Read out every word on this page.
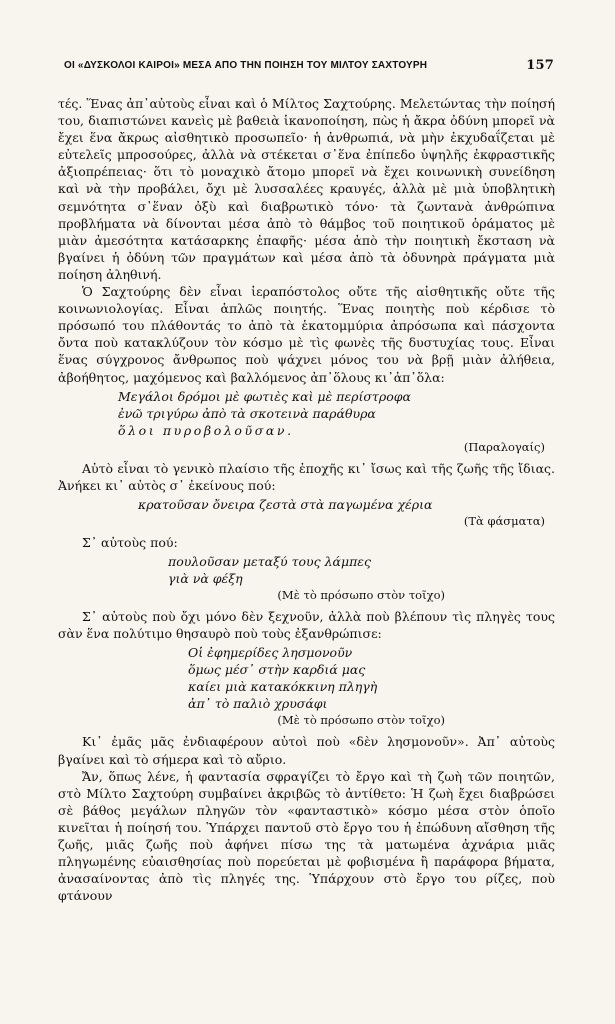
ΟΙ «ΔΥΣΚΟΛΟΙ ΚΑΙΡΟΙ» ΜΕΣΑ ΑΠΟ ΤΗΝ ΠΟΙΗΣΗ ΤΟΥ ΜΙΛΤΟΥ ΣΑΧΤΟΥΡΗ	157

τές. Ἕνας ἀπ᾽αὐτοὺς εἶναι καὶ ὁ Μίλτος Σαχτούρης. Μελετώντας τὴν ποίησή του, διαπιστώνει κανεὶς μὲ βαθειὰ ἱκανοποίηση, πὼς ἡ ἄκρα ὀδύνη μπορεῖ νὰ ἔχει ἕνα ἄκρως αἰσθητικὸ προσωπεῖο· ἡ ἀνθρωπιά, νὰ μὴν ἐκχυδαΐζεται μὲ εὐτελεῖς μπροσούρες, ἀλλὰ νὰ στέκεται σ᾽ἕνα ἐπίπεδο ὑψηλῆς ἐκφραστικῆς ἀξιοπρέπειας· ὅτι τὸ μοναχικὸ ἄτομο μπορεῖ νὰ ἔχει κοινωνικὴ συνείδηση καὶ νὰ τὴν προβάλει, ὄχι μὲ λυσσαλέες κραυγές, ἀλλὰ μὲ μιὰ ὑποβλητικὴ σεμνότητα σ᾽ἕναν ὀξὺ καὶ διαβρωτικὸ τόνο· τὰ ζωντανὰ ἀνθρώπινα προβλήματα νὰ δίνονται μέσα ἀπὸ τὸ θάμβος τοῦ ποιητικοῦ ὁράματος μὲ μιὰν ἀμεσότητα κατάσαρκης ἐπαφῆς· μέσα ἀπὸ τὴν ποιητικὴ ἔκσταση νὰ βγαίνει ἡ ὀδύνη τῶν πραγμάτων καὶ μέσα ἀπὸ τὰ ὀδυνηρὰ πράγματα μιὰ ποίηση ἀληθινή.

Ὁ Σαχτούρης δὲν εἶναι ἱεραπόστολος οὔτε τῆς αἰσθητικῆς οὔτε τῆς κοινωνιολογίας. Εἶναι ἁπλῶς ποιητής. Ἕνας ποιητὴς ποὺ κέρδισε τὸ πρόσωπό του πλάθοντάς το ἀπὸ τὰ ἑκατομμύρια ἀπρόσωπα καὶ πάσχοντα ὄντα ποὺ κατακλύζουν τὸν κόσμο μὲ τὶς φωνὲς τῆς δυστυχίας τους. Εἶναι ἕνας σύγχρονος ἄνθρωπος ποὺ ψάχνει μόνος του νὰ βρῇ μιὰν ἀλήθεια, ἀβοήθητος, μαχόμενος καὶ βαλλόμενος ἀπ᾽ὅλους κι᾽ἀπ᾽ὅλα:

Μεγάλοι δρόμοι μὲ φωτιὲς καὶ μὲ περίστροφα
ἐνῶ τριγύρω ἀπὸ τὰ σκοτεινὰ παράθυρα
ὅλοι πυροβολοῦσαν.
(Παραλογαίς)

Αὐτὸ εἶναι τὸ γενικὸ πλαίσιο τῆς ἐποχῆς κι᾽ ἴσως καὶ τῆς ζωῆς τῆς ἴδιας. Ἀνήκει κι᾽ αὐτὸς σ᾽ ἐκείνους πού:

κρατοῦσαν ὄνειρα ζεστὰ στὰ παγωμένα χέρια
(Τὰ φάσματα)

Σ᾽ αὐτοὺς πού:

πουλοῦσαν μεταξύ τους λάμπες
γιὰ νὰ φέξη
(Μὲ τὸ πρόσωπο στὸν τοῖχο)

Σ᾽ αὐτοὺς ποὺ ὄχι μόνο δὲν ξεχνοῦν, ἀλλὰ ποὺ βλέπουν τὶς πληγὲς τους σὰν ἕνα πολύτιμο θησαυρὸ ποὺ τοὺς ἐξανθρώπισε:

Οἱ ἐφημερίδες λησμονοῦν
ὅμως μέσ᾽ στὴν καρδιά μας
καίει μιὰ κατακόκκινη πληγὴ
ἀπ᾽ τὸ παλιὸ χρυσάφι
(Μὲ τὸ πρόσωπο στὸν τοῖχο)

Κι᾽ ἐμᾶς μᾶς ἐνδιαφέρουν αὐτοὶ ποὺ «δὲν λησμονοῦν». Ἀπ᾽ αὐτοὺς βγαίνει καὶ τὸ σήμερα καὶ τὸ αὔριο.

Ἄν, ὅπως λένε, ἡ φαντασία σφραγίζει τὸ ἔργο καὶ τὴ ζωὴ τῶν ποιητῶν, στὸ Μίλτο Σαχτούρη συμβαίνει ἀκριβῶς τὸ ἀντίθετο: Ἡ ζωὴ ἔχει διαβρώσει σὲ βάθος μεγάλων πληγῶν τὸν «φανταστικὸ» κόσμο μέσα στὸν ὁποῖο κινεῖται ἡ ποίησή του. Ὑπάρχει παντοῦ στὸ ἔργο του ἡ ἐπώδυνη αἴσθηση τῆς ζωῆς, μιᾶς ζωῆς ποὺ ἀφήνει πίσω της τὰ ματωμένα ἀχνάρια μιᾶς πληγωμένης εὐαισθησίας ποὺ πορεύεται μὲ φοβισμένα ἢ παράφορα βήματα, ἀνασαίνοντας ἀπὸ τὶς πληγές της. Ὑπάρχουν στὸ ἔργο του ρίζες, ποὺ φτάνουν
